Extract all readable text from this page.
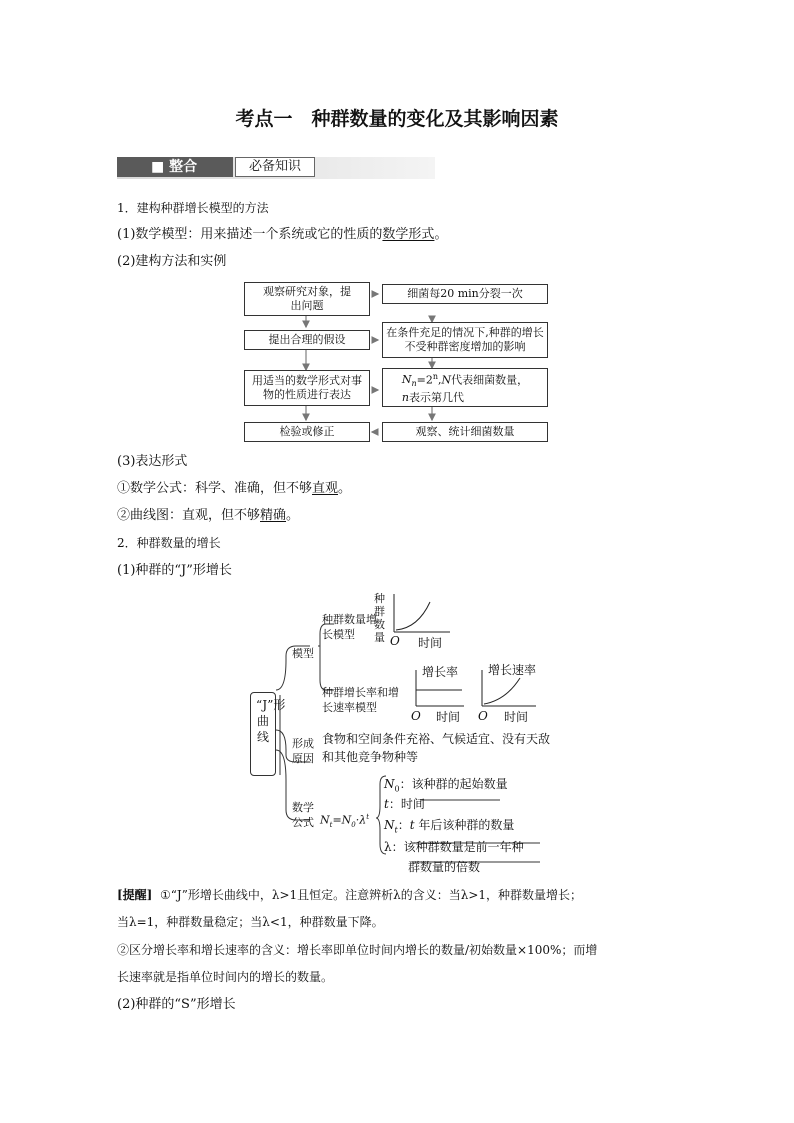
考点一　种群数量的变化及其影响因素
■ 整合	必备知识
1．建构种群增长模型的方法
(1)数学模型：用来描述一个系统或它的性质的数学形式。
(2)建构方法和实例
观察研究对象，提出问题
提出合理的假设
用适当的数学形式对事物的性质进行表达
检验或修正
细菌每20 min分裂一次
在条件充足的情况下,种群的增长不受种群密度增加的影响
$N_n=2^n,N$代表细菌数量，
n表示第几代
观察、统计细菌数量
(3)表达形式
①数学公式：科学、准确，但不够直观。
②曲线图：直观，但不够精确。
2．种群数量的增长
(1)种群的“J”形增长
“J”形曲线
模型
种群数量增长模型
种群增长率和增长速率模型
种群数量 O 时间
增长率
O 时间
增长速率
O 时间
形成原因
食物和空间条件充裕、气候适宜、没有天敌和其他竞争物种等
数学公式 $N_t=N_0\cdot\lambda^t$
$N_0$：该种群的起始数量
t：时间
$N_t$：t 年后该种群的数量
λ：该种群数量是前一年种
群数量的倍数
[提醒] ①“J”形增长曲线中，λ>1且恒定。注意辨析λ的含义：当λ>1，种群数量增长；
当λ=1，种群数量稳定；当λ<1，种群数量下降。
②区分增长率和增长速率的含义：增长率即单位时间内增长的数量/初始数量×100%；而增
长速率就是指单位时间内的增长的数量。
(2)种群的“S”形增长
